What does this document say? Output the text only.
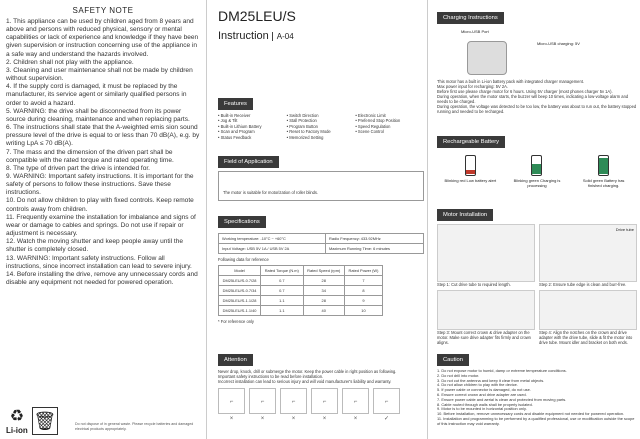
SAFETY NOTE

1. This appliance can be used by children aged from 8 years and above and persons with reduced physical, sensory or mental capabilities or lack of experience and knowledge if they have been given supervision or instruction concerning use of the appliance in a safe way and understand the hazards involved.

2. Children shall not play with the appliance.

3. Cleaning and user maintenance shall not be made by children without supervision.

4. If the supply cord is damaged, it must be replaced by the manufacturer, its service agent or similarly qualified persons in order to avoid a hazard.

5. WARNING: the drive shall be disconnected from its power source during cleaning, maintenance and when replacing parts.

6. The instructions shall state that the A-weighted emis sion sound pressure level of the drive is equal to or less than 70 dB(A), e.g. by writing LpA ≤ 70 dB(A).

7. The mass and the dimension of the driven part shall be compatible with the rated torque and rated operating time.

8. The type of driven part the drive is intended for.

9. WARNING: Important safety instructions. It is important for the safety of persons to follow these instructions. Save these instructions.

10. Do not allow children to play with fixed controls. Keep remote controls away from children.

11. Frequently examine the installation for imbalance and signs of wear or damage to cables and springs. Do not use if repair or adjustment is necessary.

12. Watch the moving shutter and keep people away until the shutter is completely closed.

13. WARNING: Important safety instructions. Follow all instructions, since incorrect installation can lead to severe injury.

14. Before installing the drive, remove any unnecessary cords and disable any equipment not needed for powered operation.

♻
Li-ion 🗑	Do not dispose of in general waste. Please recycle batteries and damaged electrical products appropriately.
DM25LEU/S
Instruction A-04
Features
• Built-in Receiver
• Jog & Tilt
• Built-in Lithium Battery
• Scan and Program
• Status Feedback
• Switch Direction
• Stall Protection
• Program Button
• Reset to Factory Mode
• Memorized Setting
• Electronic Limit
• Preferred Stop Position
• Speed Regulation
• Scene Control
Field of Application
The motor is suitable for motorization of roller blinds.
Specifications
Working temperature: -10°C ~ +60°C	Radio Frequency: 433.92MHz
Input Voltage: USB 5V 1A / USB 5V 2A	Maximum Running Time: 6 minutes
Following data for reference
Model	Rated Torque (N.m)	Rated Speed (rpm)	Rated Power (W)
DM25LEU/S-0.7/28	0.7	28	7
DM25LEU/S-0.7/34	0.7	34	8
DM25LEU/S-1.1/28	1.1	28	9
DM25LEU/S-1.1/40	1.1	40	10
* For reference only
Attention
Never drop, knock, drill or submerge the motor. Keep the power cable in right position as following.
Important safety instructions to be read before installation.
Incorrect installation can lead to serious injury and will void manufacturer's liability and warranty.
⌐	⌐	⌐	⌐	⌐	⌐
×	×	×	×	×	✓
Charging Instructions
Micro-USB Port
Micro-USB charging: 5V
This motor has a built in Li-ion battery pack with integrated charger management.
Max power input for recharging: 5V 2A.
Before first use please charge motor for 6 hours. Using 5V charger (most phones charger 5v 1A).
During operation, when the motor starts, the buzzer will beep 10 times, indicating a low-voltage alarm and needs to be charged.
During operation, the voltage was detected to be too low, the battery was about to run out, the battery stopped running and needed to be recharged.
Rechargeable Battery
Blinking red Low battery alert	Blinking green Charging is processing
Solid green Battery has finished charging.
Motor Installation
Step 1: Cut drive tube to required length.
Drive tube
Step 2: Ensure tube edge is clean and burr-free.
Step 3: Mount correct crown & drive adapter on the motor. Make sure drive adapter fits firmly and crown aligns.
Step 4: Align the notches on the crown and drive adapter with the drive tube, slide & fit the motor into drive tube. Mount idler and bracket on both ends.
Caution

1. Do not expose motor to humid, damp or extreme temperature conditions.

2. Do not drill into motor.

3. Do not cut the antenna and keep it clear from metal objects.

4. Do not allow children to play with the device.

5. If power cable or connector is damaged, do not use.

6. Ensure correct crown and drive adapter are used.

7. Ensure power cable and aerial is clean and protected from moving parts.

8. Cable routed through walls shall be properly isolated.

9. Motor is to be mounted in horizontal position only.

10. Before installation, remove unnecessary cords and disable equipment not needed for powered operation.

11. Installation and programming to be performed by a qualified professional, use or modification outside the scope of this instruction may void warranty.
